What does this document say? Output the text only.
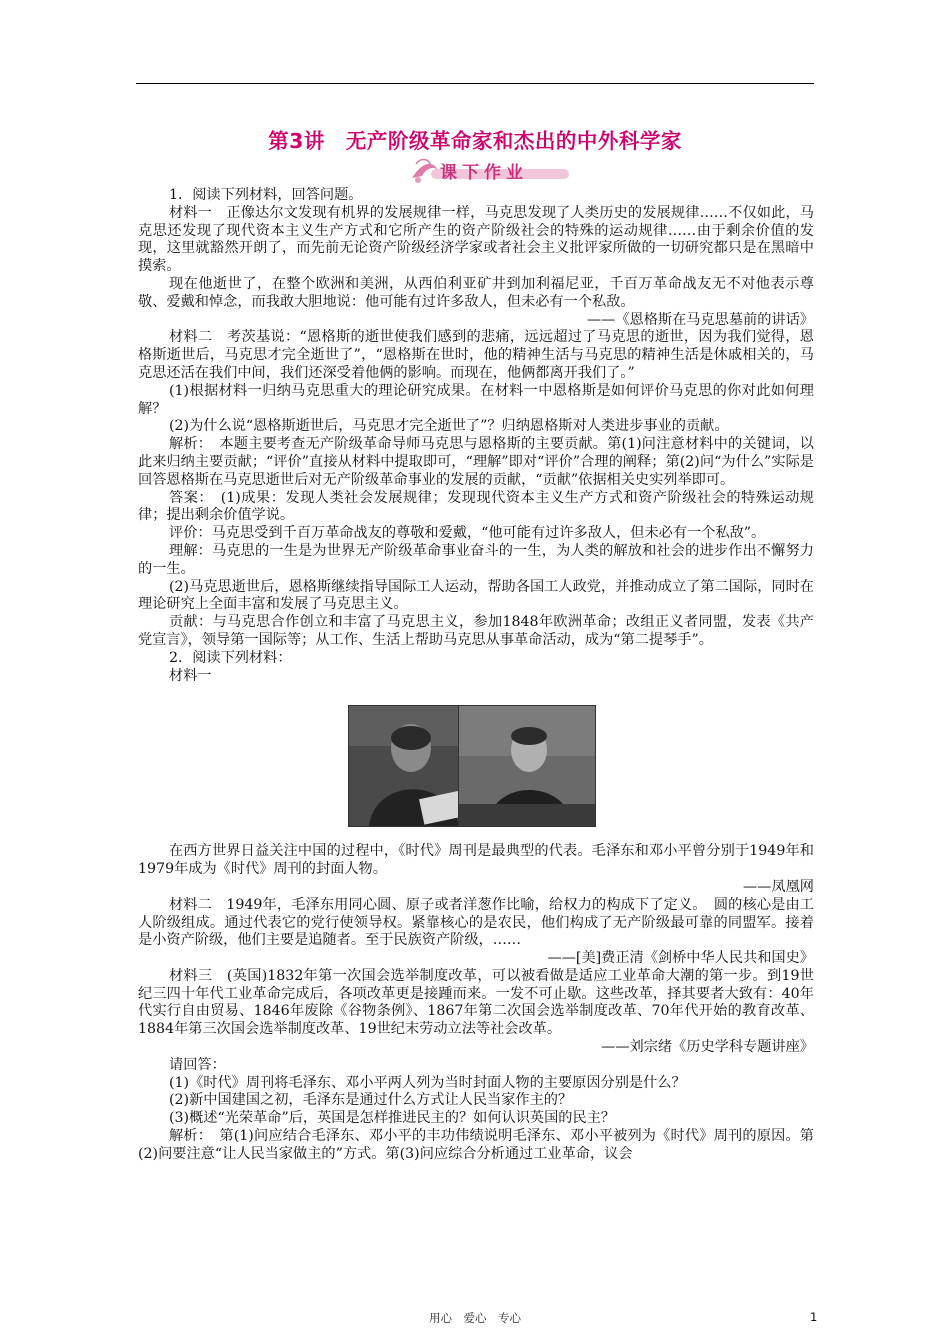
第3讲　无产阶级革命家和杰出的中外科学家
课下作业

1．阅读下列材料，回答问题。

材料一　正像达尔文发现有机界的发展规律一样，马克思发现了人类历史的发展规律……不仅如此，马克思还发现了现代资本主义生产方式和它所产生的资产阶级社会的特殊的运动规律……由于剩余价值的发现，这里就豁然开朗了，而先前无论资产阶级经济学家或者社会主义批评家所做的一切研究都只是在黑暗中摸索。

现在他逝世了，在整个欧洲和美洲，从西伯利亚矿井到加利福尼亚，千百万革命战友无不对他表示尊敬、爱戴和悼念，而我敢大胆地说：他可能有过许多敌人，但未必有一个私敌。

——《恩格斯在马克思墓前的讲话》

材料二　考茨基说：“恩格斯的逝世使我们感到的悲痛，远远超过了马克思的逝世，因为我们觉得，恩格斯逝世后，马克思才完全逝世了”，“恩格斯在世时，他的精神生活与马克思的精神生活是休戚相关的，马克思还活在我们中间，我们还深受着他俩的影响。而现在，他俩都离开我们了。”

(1)根据材料一归纳马克思重大的理论研究成果。在材料一中恩格斯是如何评价马克思的你对此如何理解？

(2)为什么说“恩格斯逝世后，马克思才完全逝世了”？归纳恩格斯对人类进步事业的贡献。

解析：　本题主要考查无产阶级革命导师马克思与恩格斯的主要贡献。第(1)问注意材料中的关键词，以此来归纳主要贡献；“评价”直接从材料中提取即可，“理解”即对“评价”合理的阐释；第(2)问“为什么”实际是回答恩格斯在马克思逝世后对无产阶级革命事业的发展的贡献，“贡献”依据相关史实列举即可。

答案：　(1)成果：发现人类社会发展规律；发现现代资本主义生产方式和资产阶级社会的特殊运动规律；提出剩余价值学说。

评价：马克思受到千百万革命战友的尊敬和爱戴，“他可能有过许多敌人，但未必有一个私敌”。

理解：马克思的一生是为世界无产阶级革命事业奋斗的一生，为人类的解放和社会的进步作出不懈努力的一生。

(2)马克思逝世后，恩格斯继续指导国际工人运动，帮助各国工人政党，并推动成立了第二国际，同时在理论研究上全面丰富和发展了马克思主义。

贡献：与马克思合作创立和丰富了马克思主义，参加1848年欧洲革命；改组正义者同盟，发表《共产党宣言》，领导第一国际等；从工作、生活上帮助马克思从事革命活动，成为“第二提琴手”。

2．阅读下列材料：

材料一

在西方世界日益关注中国的过程中，《时代》周刊是最典型的代表。毛泽东和邓小平曾分别于1949年和1979年成为《时代》周刊的封面人物。

——凤凰网

材料二　1949年，毛泽东用同心圆、原子或者洋葱作比喻，给权力的构成下了定义。　圆的核心是由工人阶级组成。通过代表它的党行使领导权。紧靠核心的是农民，他们构成了无产阶级最可靠的同盟军。接着是小资产阶级，他们主要是追随者。至于民族资产阶级，……

——[美]费正清《剑桥中华人民共和国史》

材料三　(英国)1832年第一次国会选举制度改革，可以被看做是适应工业革命大潮的第一步。到19世纪三四十年代工业革命完成后，各项改革更是接踵而来。一发不可止歇。这些改革，择其要者大致有：40年代实行自由贸易、1846年废除《谷物条例》、1867年第二次国会选举制度改革、70年代开始的教育改革、1884年第三次国会选举制度改革、19世纪末劳动立法等社会改革。

——刘宗绪《历史学科专题讲座》

请回答：

(1)《时代》周刊将毛泽东、邓小平两人列为当时封面人物的主要原因分别是什么？

(2)新中国建国之初，毛泽东是通过什么方式让人民当家作主的？

(3)概述“光荣革命”后，英国是怎样推进民主的？如何认识英国的民主？

解析：　第(1)问应结合毛泽东、邓小平的丰功伟绩说明毛泽东、邓小平被列为《时代》周刊的原因。第(2)问要注意“让人民当家做主的”方式。第(3)问应综合分析通过工业革命，议会

用心　爱心　专心	1
